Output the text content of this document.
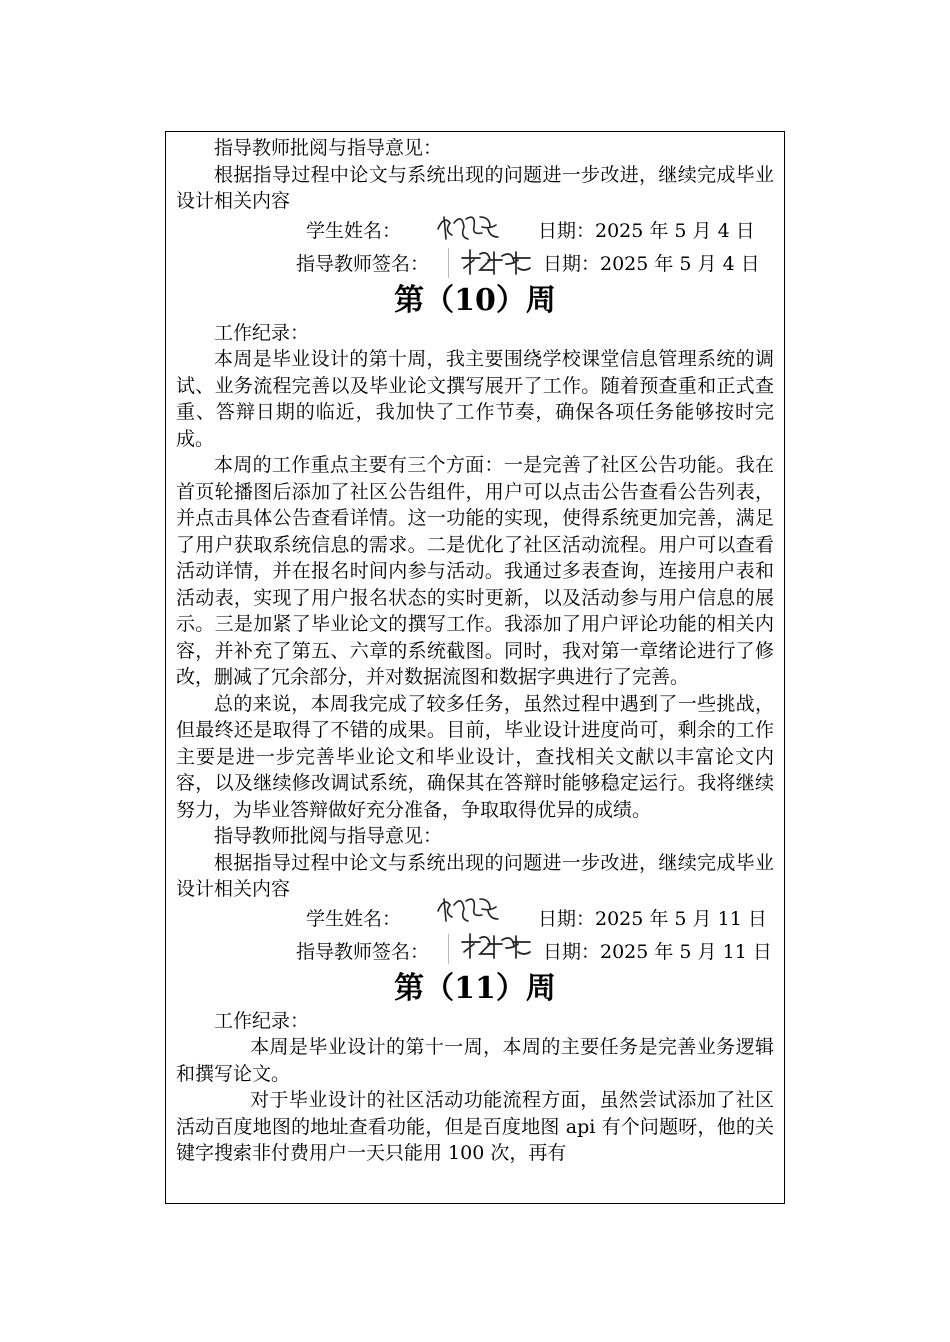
指导教师批阅与指导意见：
根据指导过程中论文与系统出现的问题进一步改进，继续完成毕业设计相关内容
学生姓名：	日期：2025 年 5 月 4 日
指导教师签名：	日期：2025 年 5 月 4 日
第（10）周
工作纪录：
本周是毕业设计的第十周，我主要围绕学校课堂信息管理系统的调试、业务流程完善以及毕业论文撰写展开了工作。随着预查重和正式查重、答辩日期的临近，我加快了工作节奏，确保各项任务能够按时完成。
本周的工作重点主要有三个方面：一是完善了社区公告功能。我在首页轮播图后添加了社区公告组件，用户可以点击公告查看公告列表，并点击具体公告查看详情。这一功能的实现，使得系统更加完善，满足了用户获取系统信息的需求。二是优化了社区活动流程。用户可以查看活动详情，并在报名时间内参与活动。我通过多表查询，连接用户表和活动表，实现了用户报名状态的实时更新，以及活动参与用户信息的展示。三是加紧了毕业论文的撰写工作。我添加了用户评论功能的相关内容，并补充了第五、六章的系统截图。同时，我对第一章绪论进行了修改，删减了冗余部分，并对数据流图和数据字典进行了完善。
总的来说，本周我完成了较多任务，虽然过程中遇到了一些挑战，但最终还是取得了不错的成果。目前，毕业设计进度尚可，剩余的工作主要是进一步完善毕业论文和毕业设计，查找相关文献以丰富论文内容，以及继续修改调试系统，确保其在答辩时能够稳定运行。我将继续努力，为毕业答辩做好充分准备，争取取得优异的成绩。
指导教师批阅与指导意见：
根据指导过程中论文与系统出现的问题进一步改进，继续完成毕业设计相关内容
学生姓名：	日期：2025 年 5 月 11 日
指导教师签名：	日期：2025 年 5 月 11 日
第（11）周
工作纪录：
本周是毕业设计的第十一周，本周的主要任务是完善业务逻辑和撰写论文。
对于毕业设计的社区活动功能流程方面，虽然尝试添加了社区活动百度地图的地址查看功能，但是百度地图 api 有个问题呀，他的关键字搜索非付费用户一天只能用 100 次，再有
